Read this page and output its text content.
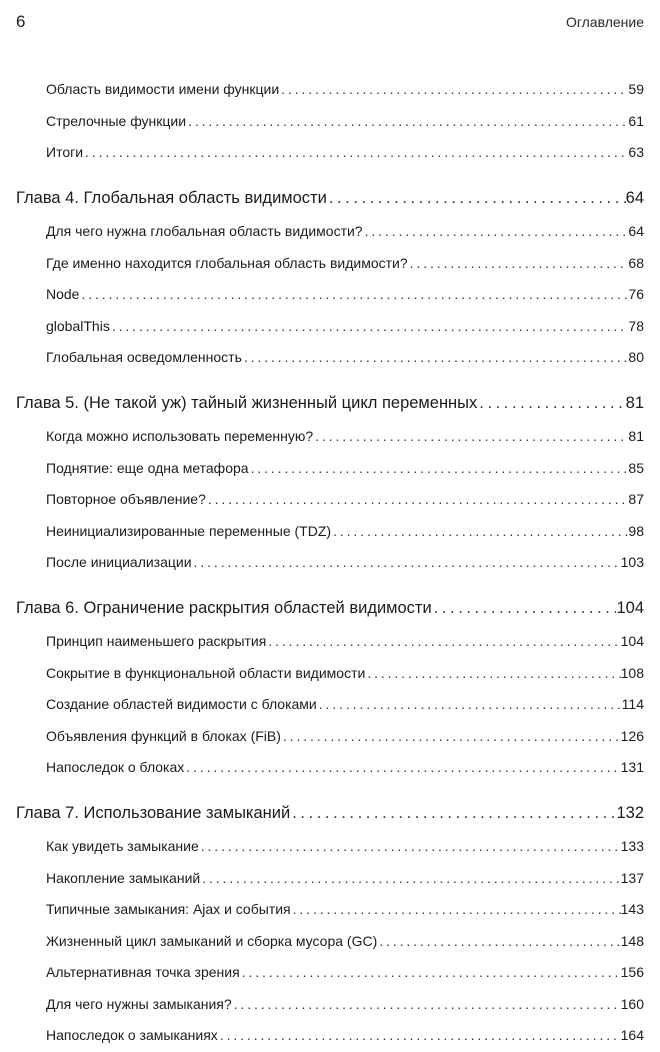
6	Оглавление
Область видимости имени функции . . .	59
Стрелочные функции . . .	61
Итоги . . .	63
Глава 4. Глобальная область видимости . . .	64
Для чего нужна глобальная область видимости? . . .	64
Где именно находится глобальная область видимости? . . .	68
Node . . .	76
globalThis . . .	78
Глобальная осведомленность . . .	80
Глава 5. (Не такой уж) тайный жизненный цикл переменных . . .	81
Когда можно использовать переменную? . . .	81
Поднятие: еще одна метафора . . .	85
Повторное объявление? . . .	87
Неинициализированные переменные (TDZ) . . .	98
После инициализации . . .	103
Глава 6. Ограничение раскрытия областей видимости . . .	104
Принцип наименьшего раскрытия . . .	104
Сокрытие в функциональной области видимости . . .	108
Создание областей видимости с блоками . . .	114
Объявления функций в блоках (FiB) . . .	126
Напоследок о блоках . . .	131
Глава 7. Использование замыканий . . .	132
Как увидеть замыкание . . .	133
Накопление замыканий . . .	137
Типичные замыкания: Ajax и события . . .	143
Жизненный цикл замыканий и сборка мусора (GC) . . .	148
Альтернативная точка зрения . . .	156
Для чего нужны замыкания? . . .	160
Напоследок о замыканиях . . .	164
